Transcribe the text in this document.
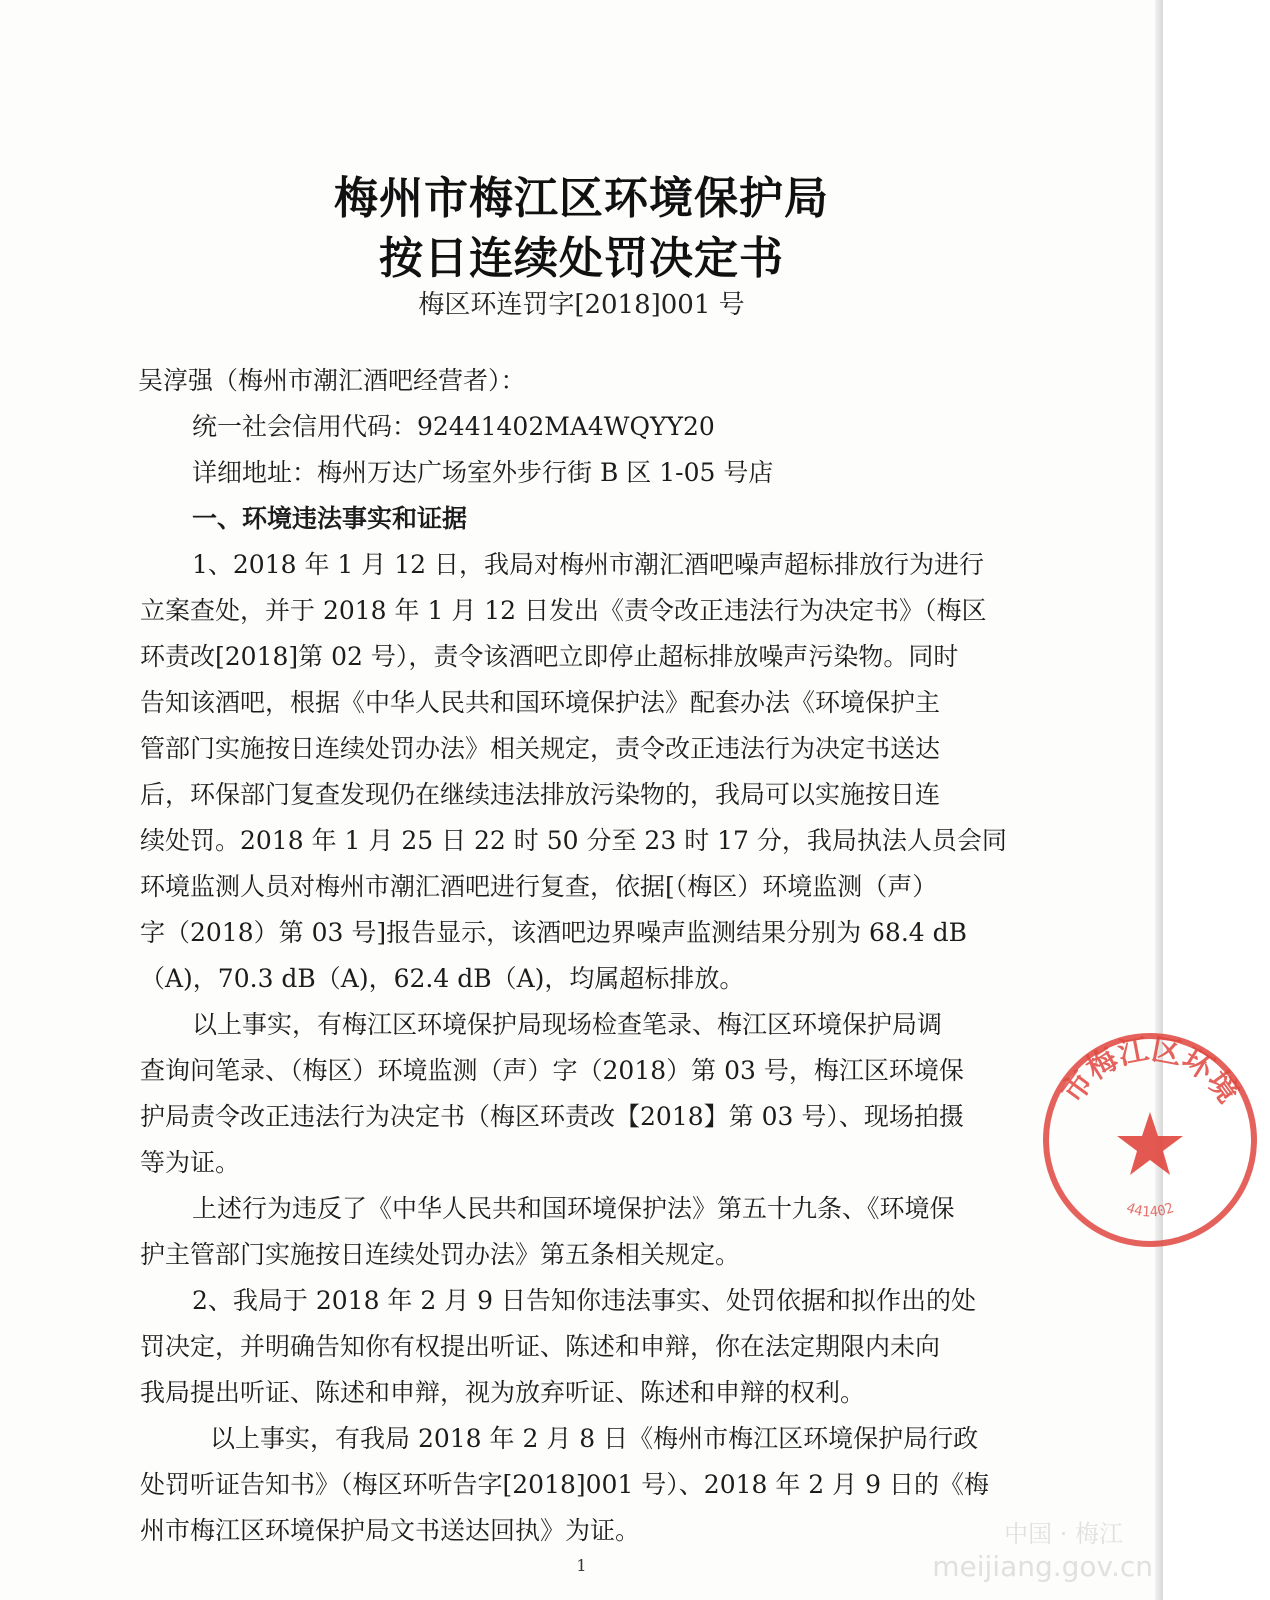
梅州市梅江区环境保护局
按日连续处罚决定书
梅区环连罚字[2018]001 号
吴淳强（梅州市潮汇酒吧经营者）：
统一社会信用代码：92441402MA4WQYY20
详细地址：梅州万达广场室外步行街 B 区 1-05 号店
一、环境违法事实和证据
1、2018 年 1 月 12 日，我局对梅州市潮汇酒吧噪声超标排放行为进行
立案查处，并于 2018 年 1 月 12 日发出《责令改正违法行为决定书》（梅区
环责改[2018]第 02 号），责令该酒吧立即停止超标排放噪声污染物。同时
告知该酒吧，根据《中华人民共和国环境保护法》配套办法《环境保护主
管部门实施按日连续处罚办法》相关规定，责令改正违法行为决定书送达
后，环保部门复查发现仍在继续违法排放污染物的，我局可以实施按日连
续处罚。2018 年 1 月 25 日 22 时 50 分至 23 时 17 分，我局执法人员会同
环境监测人员对梅州市潮汇酒吧进行复查，依据[（梅区）环境监测（声）
字（2018）第 03 号]报告显示，该酒吧边界噪声监测结果分别为 68.4 dB
（A)，70.3 dB（A)，62.4 dB（A)，均属超标排放。
以上事实，有梅江区环境保护局现场检查笔录、梅江区环境保护局调
查询问笔录、（梅区）环境监测（声）字（2018）第 03 号，梅江区环境保
护局责令改正违法行为决定书（梅区环责改【2018】第 03 号）、现场拍摄
等为证。
上述行为违反了《中华人民共和国环境保护法》第五十九条、《环境保
护主管部门实施按日连续处罚办法》第五条相关规定。
2、我局于 2018 年 2 月 9 日告知你违法事实、处罚依据和拟作出的处
罚决定，并明确告知你有权提出听证、陈述和申辩，你在法定期限内未向
我局提出听证、陈述和申辩，视为放弃听证、陈述和申辩的权利。
以上事实，有我局 2018 年 2 月 8 日《梅州市梅江区环境保护局行政
处罚听证告知书》（梅区环听告字[2018]001 号）、2018 年 2 月 9 日的《梅
州市梅江区环境保护局文书送达回执》为证。
1
市梅江区环境
441402
中国 · 梅江
meijiang.gov.cn
